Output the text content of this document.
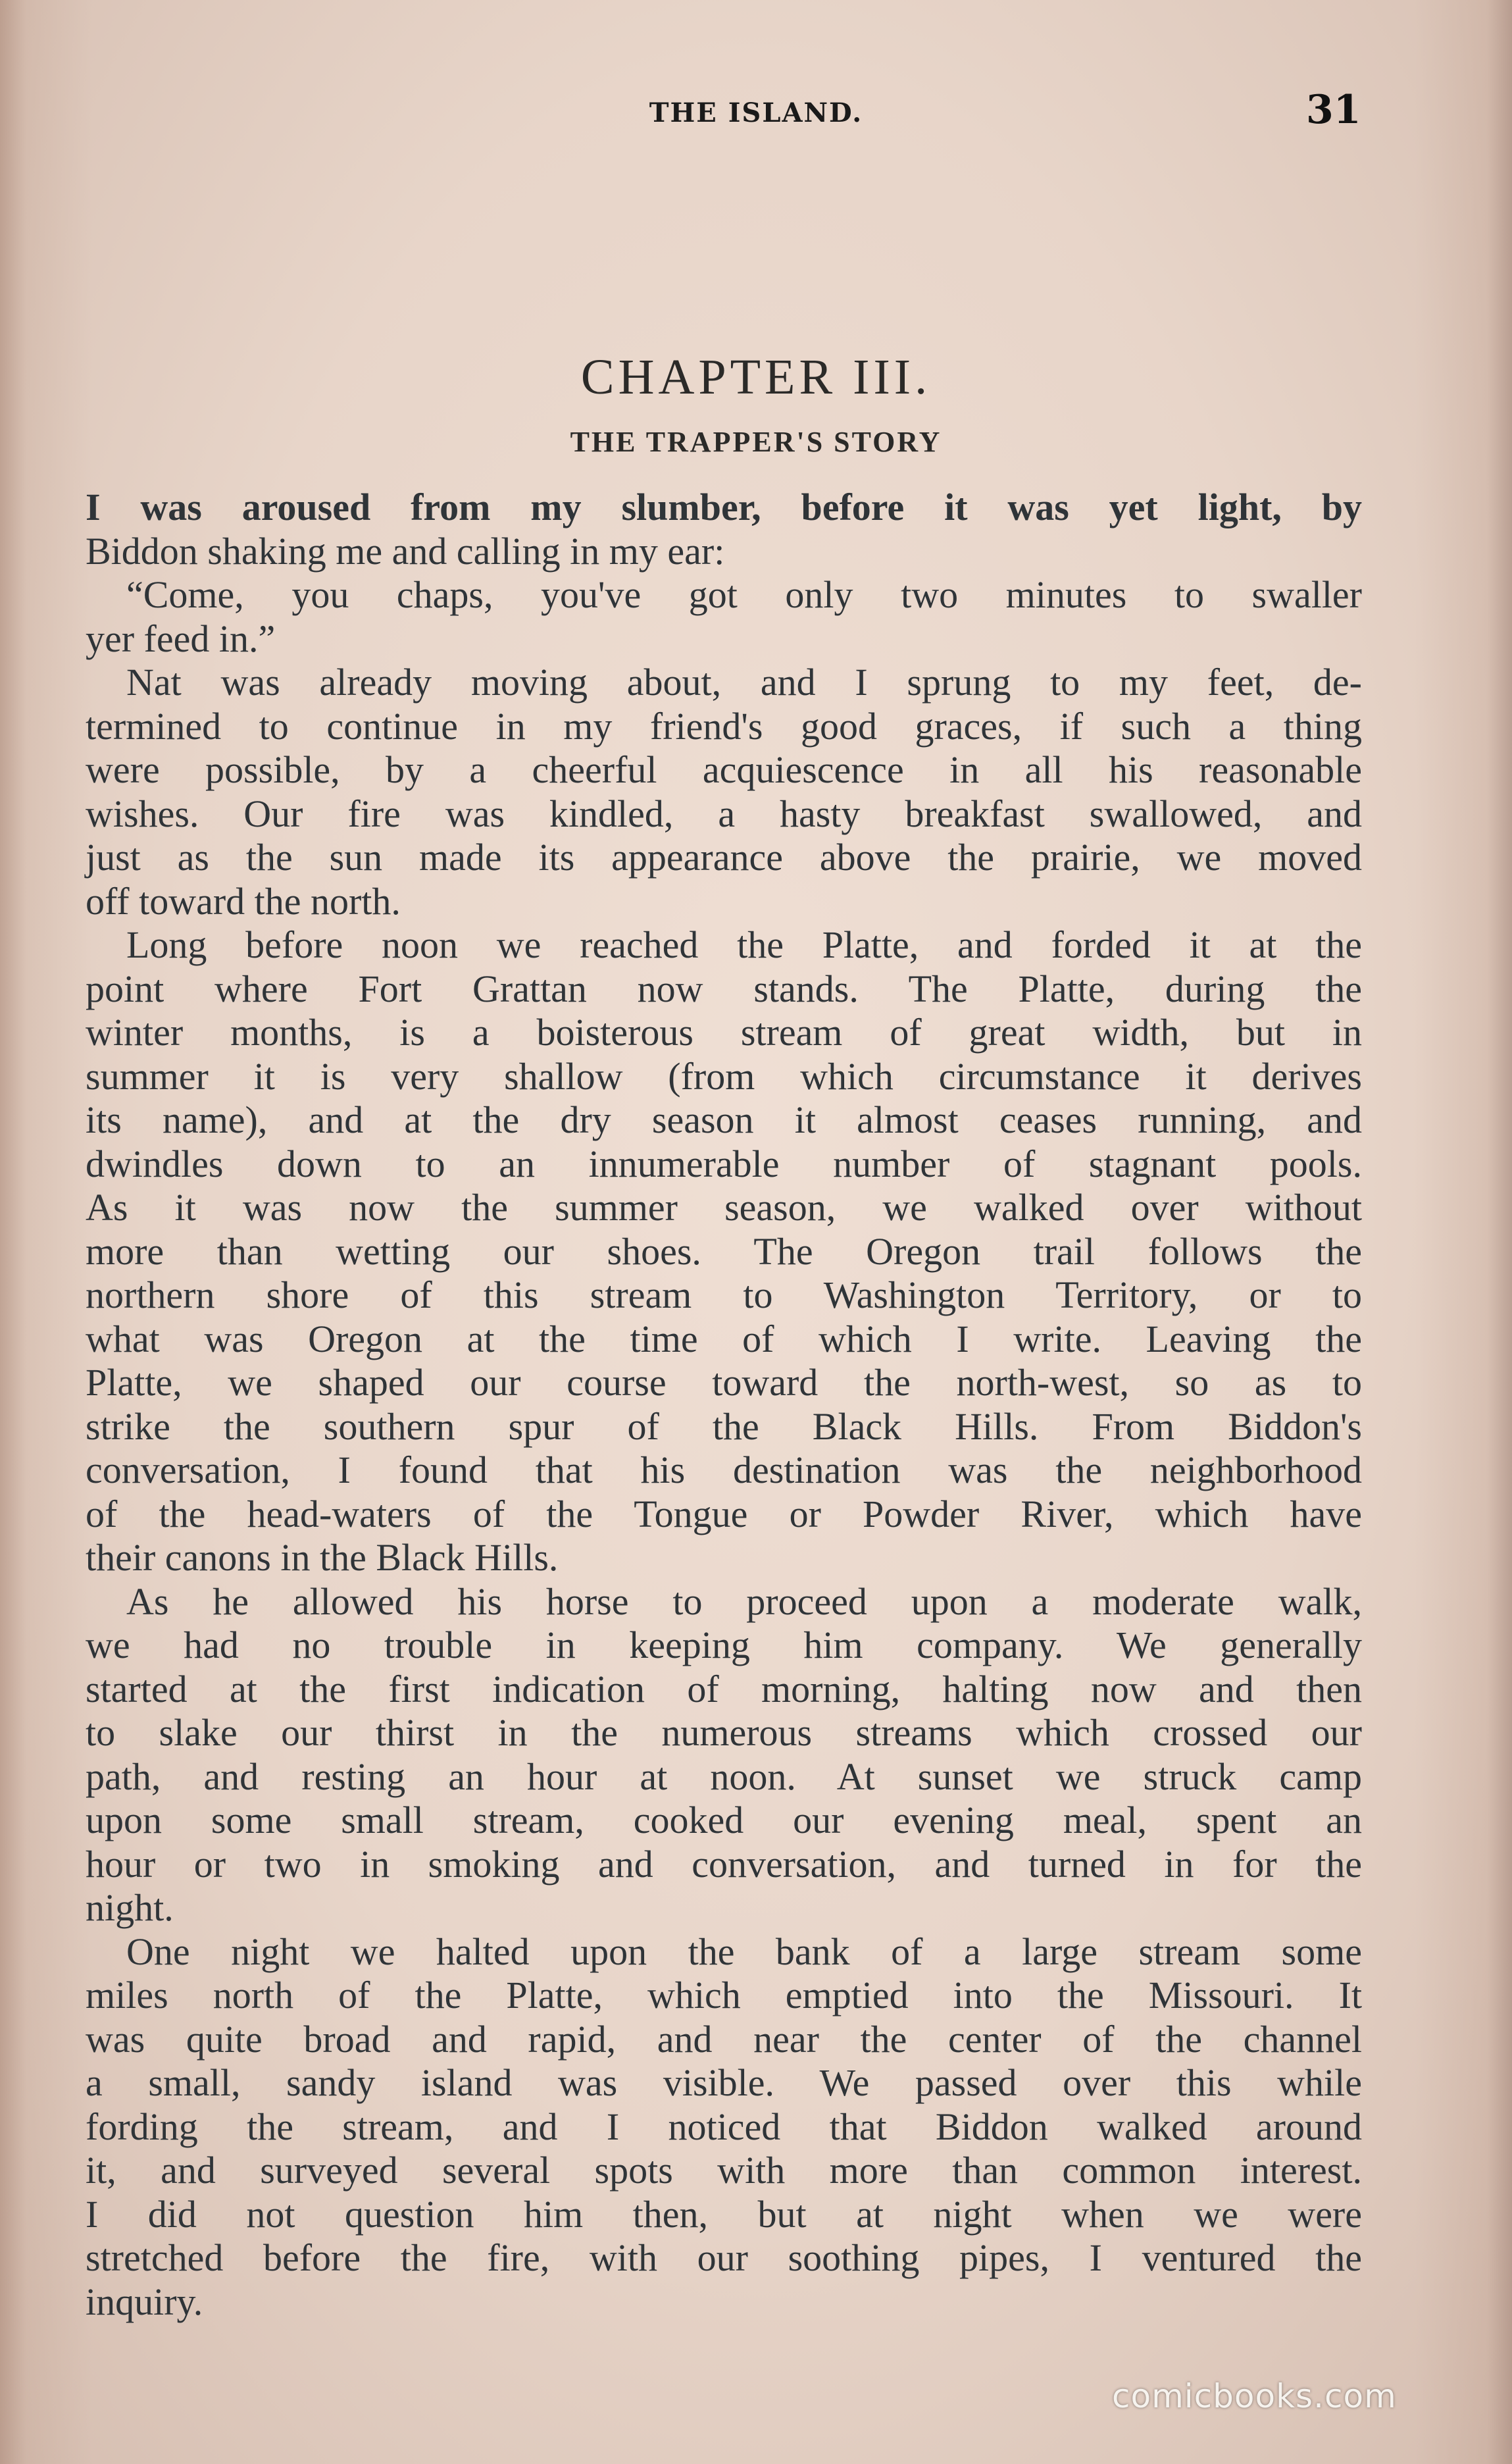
THE ISLAND.	31
CHAPTER III.
THE TRAPPER'S STORY
I was aroused from my slumber, before it was yet light, by
Biddon shaking me and calling in my ear:
“Come, you chaps, you've got only two minutes to swaller
yer feed in.”
Nat was already moving about, and I sprung to my feet, de-
termined to continue in my friend's good graces, if such a thing
were possible, by a cheerful acquiescence in all his reasonable
wishes. Our fire was kindled, a hasty breakfast swallowed, and
just as the sun made its appearance above the prairie, we moved
off toward the north.
Long before noon we reached the Platte, and forded it at the
point where Fort Grattan now stands. The Platte, during the
winter months, is a boisterous stream of great width, but in
summer it is very shallow (from which circumstance it derives
its name), and at the dry season it almost ceases running, and
dwindles down to an innumerable number of stagnant pools.
As it was now the summer season, we walked over without
more than wetting our shoes. The Oregon trail follows the
northern shore of this stream to Washington Territory, or to
what was Oregon at the time of which I write. Leaving the
Platte, we shaped our course toward the north-west, so as to
strike the southern spur of the Black Hills. From Biddon's
conversation, I found that his destination was the neighborhood
of the head-waters of the Tongue or Powder River, which have
their canons in the Black Hills.
As he allowed his horse to proceed upon a moderate walk,
we had no trouble in keeping him company. We generally
started at the first indication of morning, halting now and then
to slake our thirst in the numerous streams which crossed our
path, and resting an hour at noon. At sunset we struck camp
upon some small stream, cooked our evening meal, spent an
hour or two in smoking and conversation, and turned in for the
night.
One night we halted upon the bank of a large stream some
miles north of the Platte, which emptied into the Missouri. It
was quite broad and rapid, and near the center of the channel
a small, sandy island was visible. We passed over this while
fording the stream, and I noticed that Biddon walked around
it, and surveyed several spots with more than common interest.
I did not question him then, but at night when we were
stretched before the fire, with our soothing pipes, I ventured the
inquiry.
comicbooks.com
